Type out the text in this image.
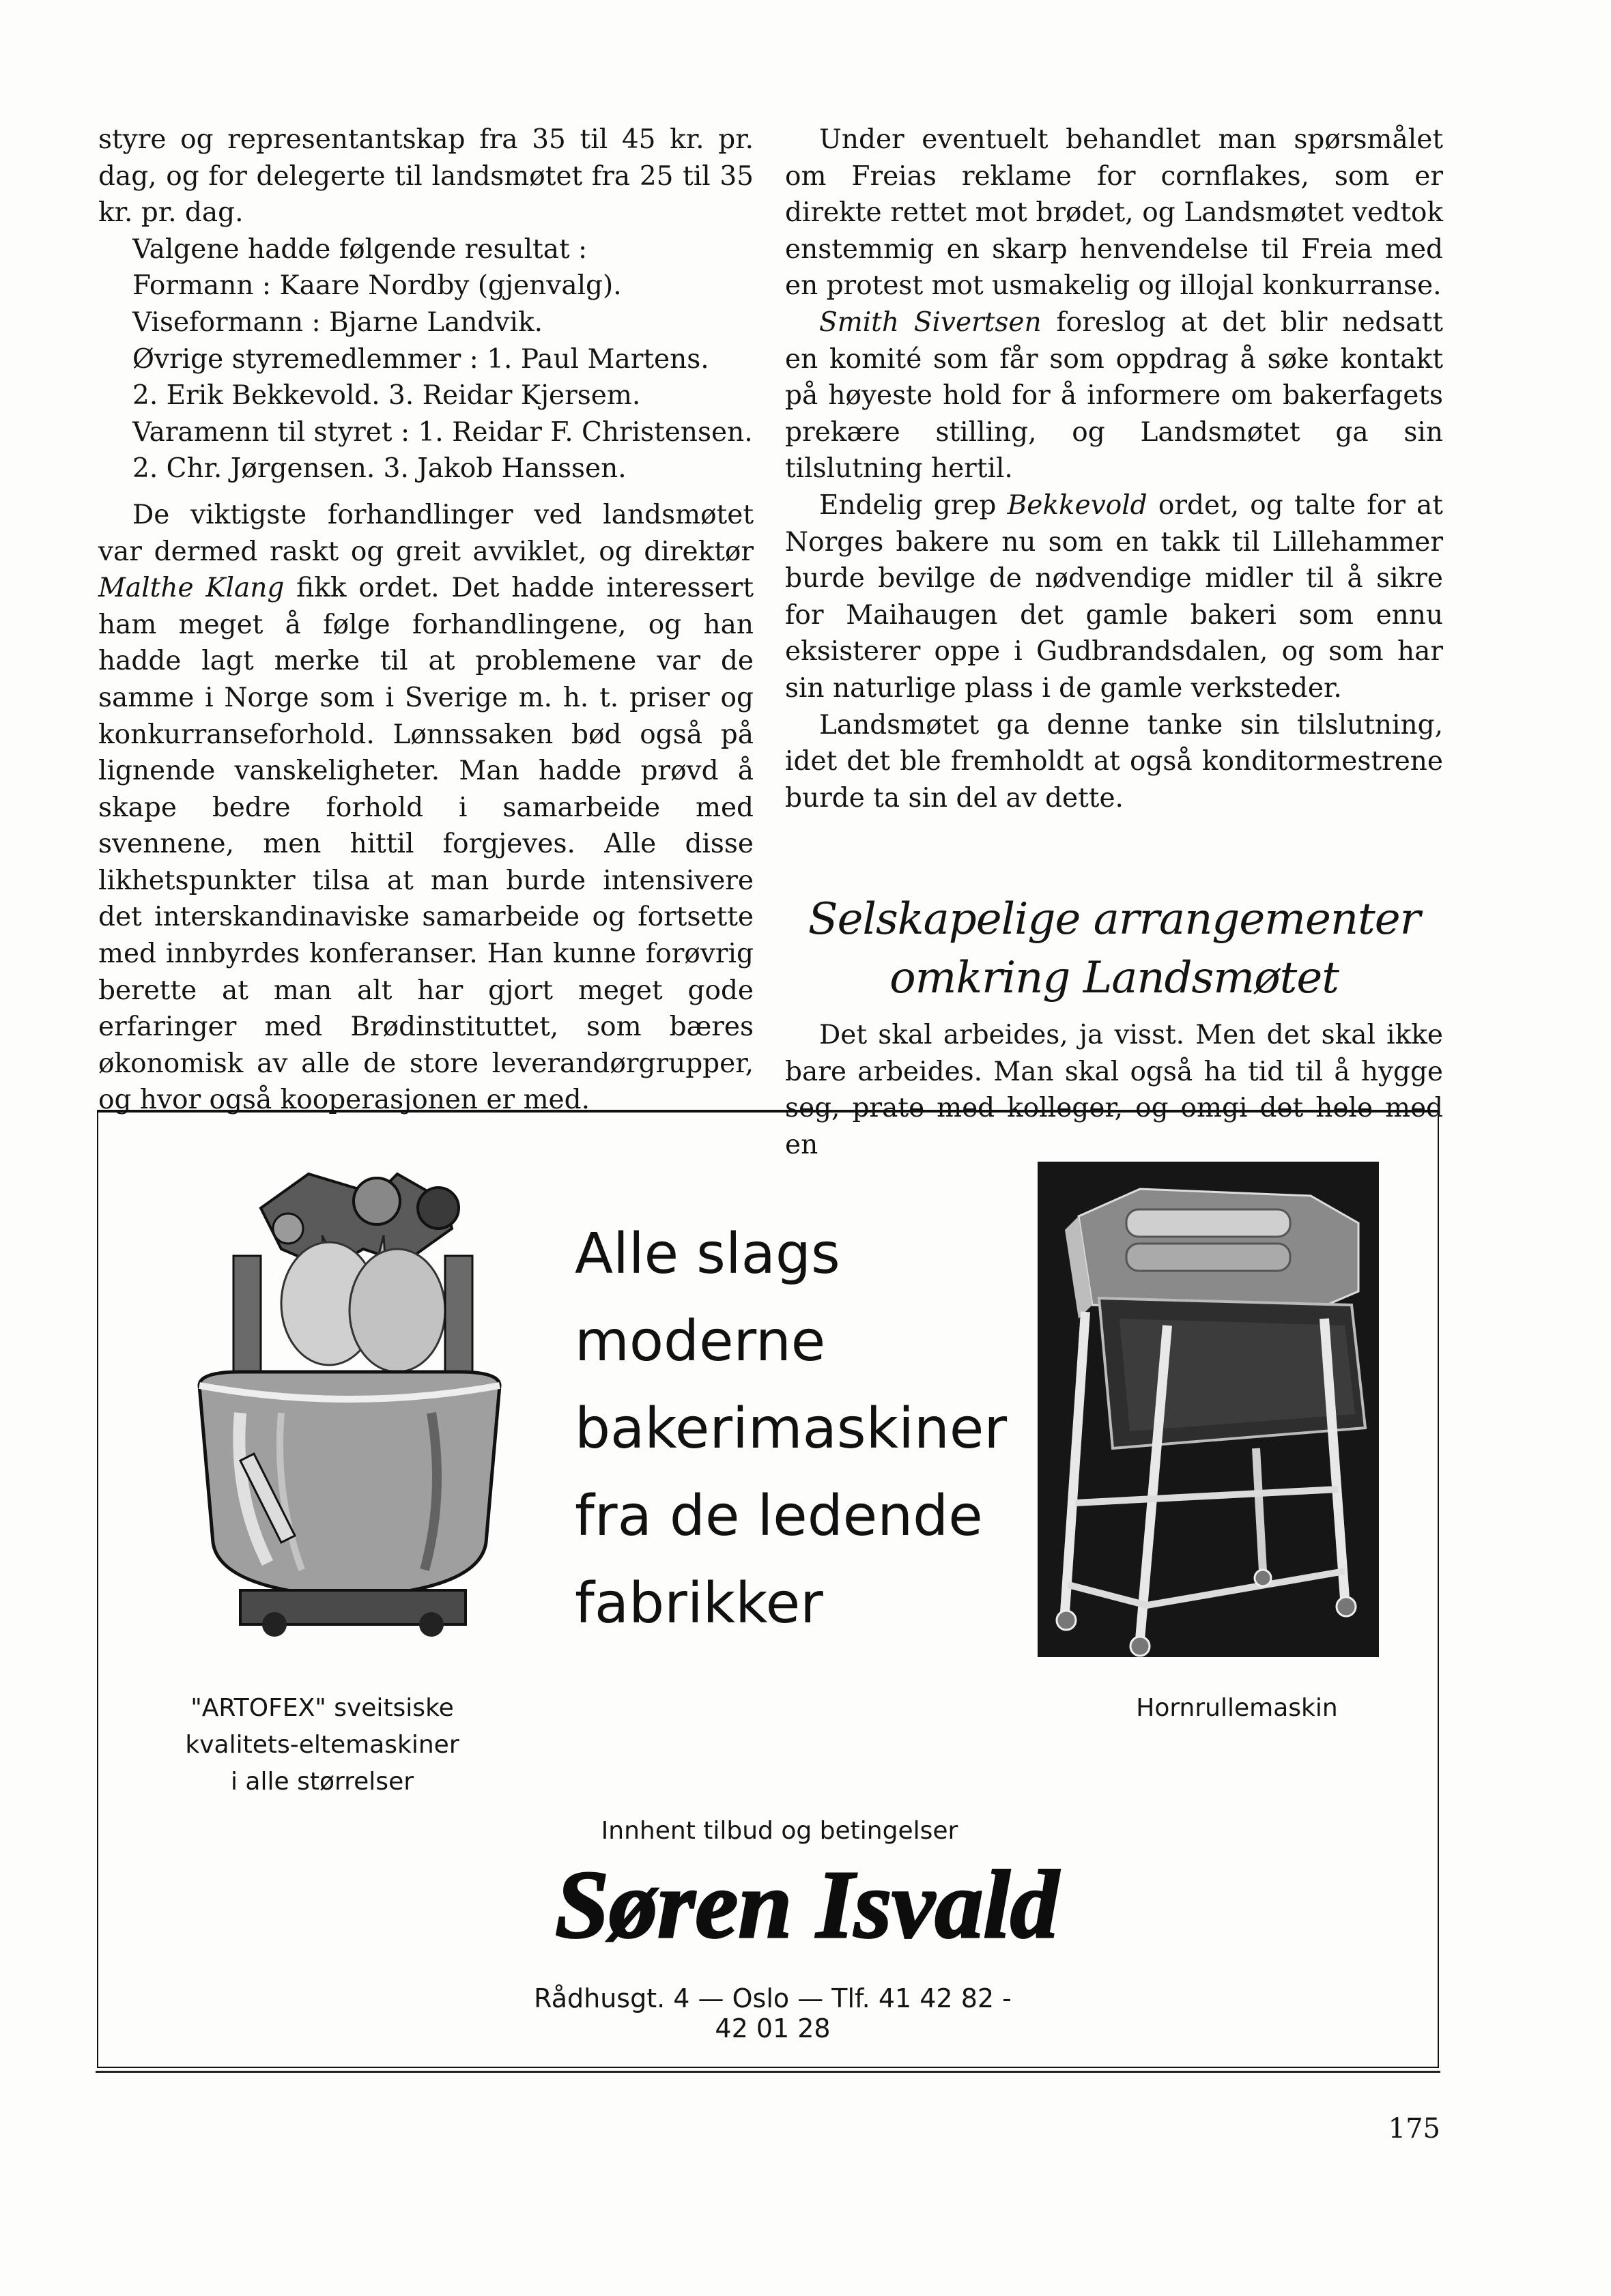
styre og representantskap fra 35 til 45 kr. pr. dag, og for delegerte til landsmøtet fra 25 til 35 kr. pr. dag.

Valgene hadde følgende resultat :

Formann : Kaare Nordby (gjenvalg).

Viseformann : Bjarne Landvik.

Øvrige styremedlemmer : 1. Paul Martens.

2. Erik Bekkevold. 3. Reidar Kjersem.

Varamenn til styret : 1. Reidar F. Christensen.

2. Chr. Jørgensen. 3. Jakob Hanssen.

De viktigste forhandlinger ved landsmøtet var dermed raskt og greit avviklet, og direktør Malthe Klang fikk ordet. Det hadde interessert ham meget å følge forhandlingene, og han hadde lagt merke til at problemene var de samme i Norge som i Sverige m. h. t. priser og konkurranseforhold. Lønnssaken bød også på lignende vanskeligheter. Man hadde prøvd å skape bedre forhold i samarbeide med svennene, men hittil forgjeves. Alle disse likhetspunkter tilsa at man burde intensivere det interskandinaviske samarbeide og fortsette med innbyrdes konferanser. Han kunne forøvrig berette at man alt har gjort meget gode erfaringer med Brødinstituttet, som bæres økonomisk av alle de store leverandørgrupper, og hvor også kooperasjonen er med.

Under eventuelt behandlet man spørsmålet om Freias reklame for cornflakes, som er direkte rettet mot brødet, og Landsmøtet vedtok enstemmig en skarp henvendelse til Freia med en protest mot usmakelig og illojal konkurranse.

Smith Sivertsen foreslog at det blir nedsatt en komité som får som oppdrag å søke kontakt på høyeste hold for å informere om bakerfagets prekære stilling, og Landsmøtet ga sin tilslutning hertil.

Endelig grep Bekkevold ordet, og talte for at Norges bakere nu som en takk til Lillehammer burde bevilge de nødvendige midler til å sikre for Maihaugen det gamle bakeri som ennu eksisterer oppe i Gudbrandsdalen, og som har sin naturlige plass i de gamle verksteder.

Landsmøtet ga denne tanke sin tilslutning, idet det ble fremholdt at også konditormestrene burde ta sin del av dette.

Selskapelige arrangementer
omkring Landsmøtet

Det skal arbeides, ja visst. Men det skal ikke bare arbeides. Man skal også ha tid til å hygge seg, prate med kolleger, og omgi det hele med en

Alle slags
moderne
bakerimaskiner
fra de ledende
fabrikker
"ARTOFEX" sveitsiske
kvalitets-eltemaskiner
i alle størrelser
Hornrullemaskin
Innhent tilbud og betingelser
Søren Isvald
Rådhusgt. 4 — Oslo — Tlf. 41 42 82 - 42 01 28
175
